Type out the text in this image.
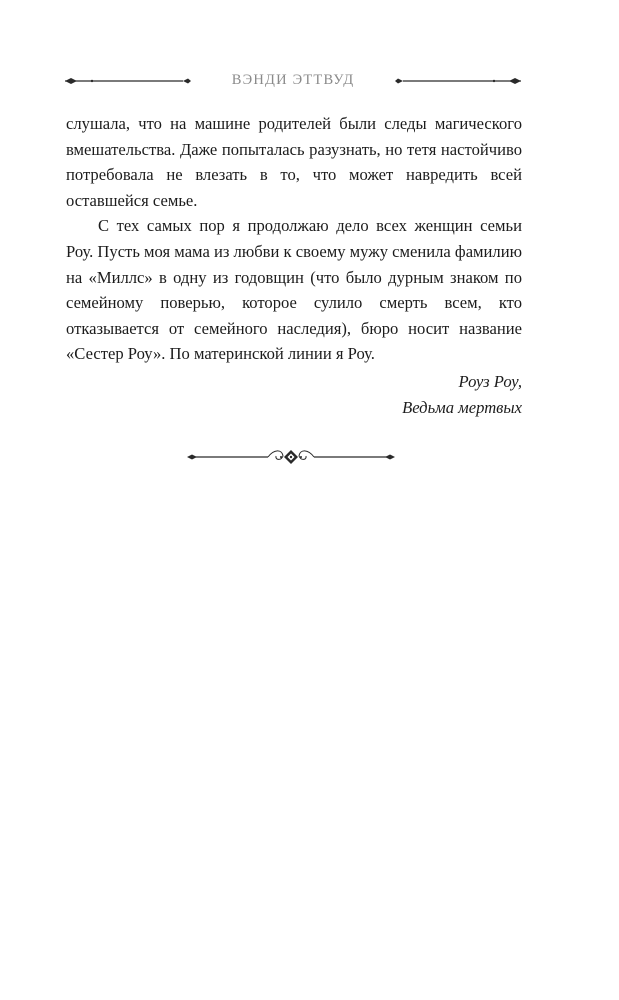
ВЭНДИ ЭТТВУД

слушала, что на машине родителей были следы магического вмешательства. Даже попыталась разузнать, но тетя настойчиво потребовала не влезать в то, что может навредить всей оставшейся семье.

С тех самых пор я продолжаю дело всех женщин семьи Роу. Пусть моя мама из любви к своему мужу сменила фамилию на «Миллс» в одну из годовщин (что было дурным знаком по семейному поверью, которое сулило смерть всем, кто отказывается от семейного наследия), бюро носит название «Сестер Роу». По материнской линии я Роу.

Роуз Роу,
Ведьма мертвых
